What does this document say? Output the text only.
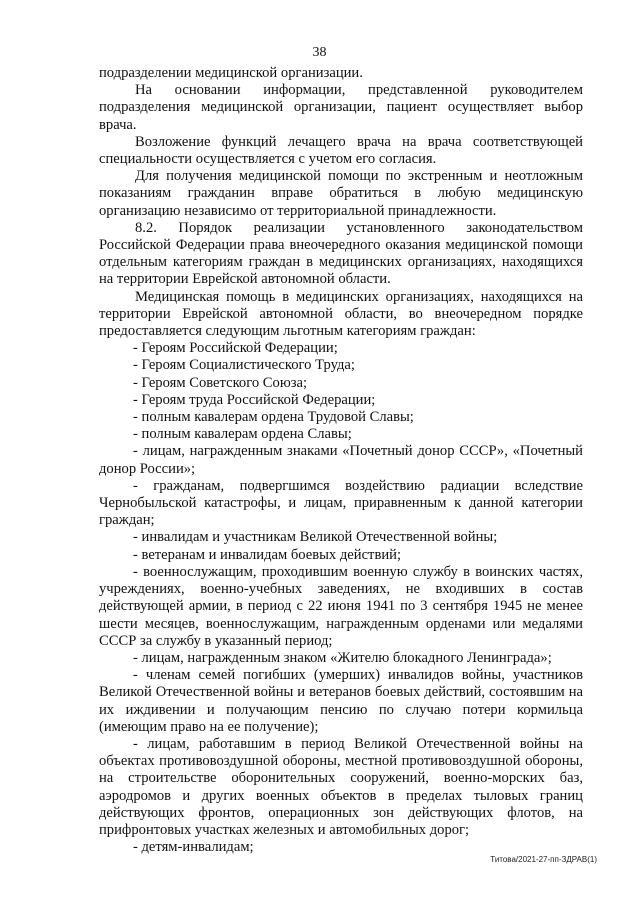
38

подразделении медицинской организации.

На основании информации, представленной руководителем подразделения медицинской организации, пациент осуществляет выбор врача.

Возложение функций лечащего врача на врача соответствующей специальности осуществляется с учетом его согласия.

Для получения медицинской помощи по экстренным и неотложным показаниям гражданин вправе обратиться в любую медицинскую организацию независимо от территориальной принадлежности.

8.2. Порядок реализации установленного законодательством Российской Федерации права внеочередного оказания медицинской помощи отдельным категориям граждан в медицинских организациях, находящихся на территории Еврейской автономной области.

Медицинская помощь в медицинских организациях, находящихся на территории Еврейской автономной области, во внеочередном порядке предоставляется следующим льготным категориям граждан:

- Героям Российской Федерации;

- Героям Социалистического Труда;

- Героям Советского Союза;

- Героям труда Российской Федерации;

- полным кавалерам ордена Трудовой Славы;

- полным кавалерам ордена Славы;

- лицам, награжденным знаками «Почетный донор СССР», «Почетный донор России»;

- гражданам, подвергшимся воздействию радиации вследствие Чернобыльской катастрофы, и лицам, приравненным к данной категории граждан;

- инвалидам и участникам Великой Отечественной войны;

- ветеранам и инвалидам боевых действий;

- военнослужащим, проходившим военную службу в воинских частях, учреждениях, военно-учебных заведениях, не входивших в состав действующей армии, в период с 22 июня 1941 по 3 сентября 1945 не менее шести месяцев, военнослужащим, награжденным орденами или медалями СССР за службу в указанный период;

- лицам, награжденным знаком «Жителю блокадного Ленинграда»;

- членам семей погибших (умерших) инвалидов войны, участников Великой Отечественной войны и ветеранов боевых действий, состоявшим на их иждивении и получающим пенсию по случаю потери кормильца (имеющим право на ее получение);

- лицам, работавшим в период Великой Отечественной войны на объектах противовоздушной обороны, местной противовоздушной обороны, на строительстве оборонительных сооружений, военно-морских баз, аэродромов и других военных объектов в пределах тыловых границ действующих фронтов, операционных зон действующих флотов, на прифронтовых участках железных и автомобильных дорог;

- детям-инвалидам;

Титова/2021-27-пп-ЗДРАВ(1)
